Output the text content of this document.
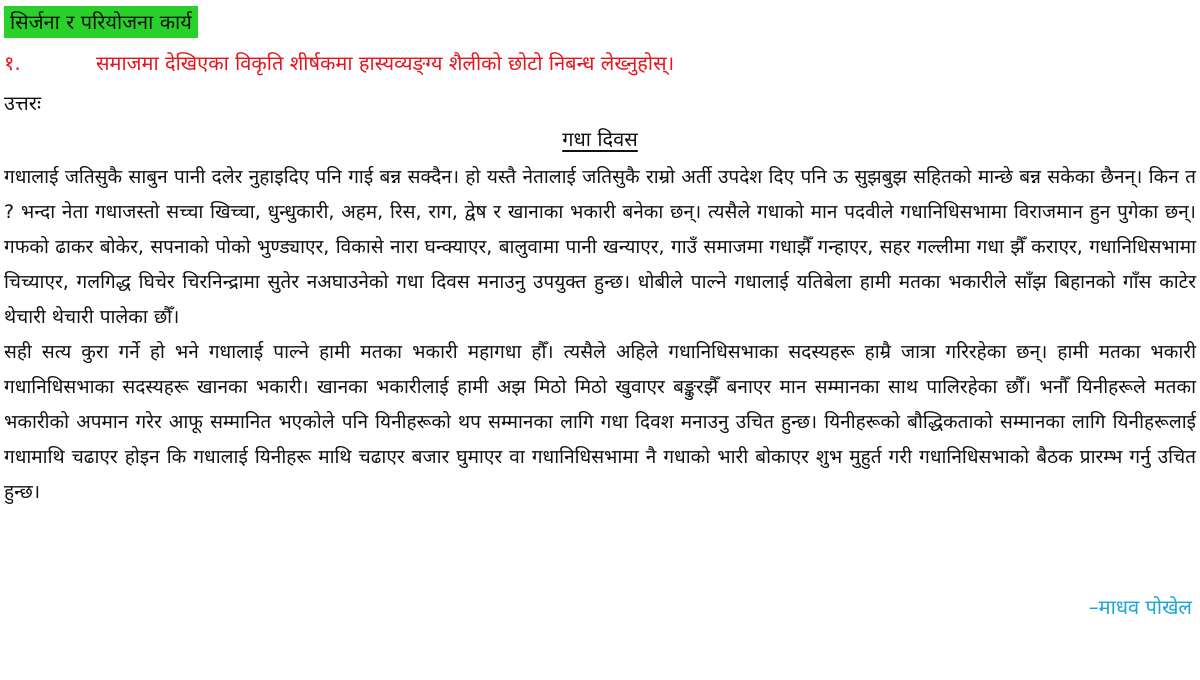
सिर्जना र परियोजना कार्य
१.	समाजमा देखिएका विकृति शीर्षकमा हास्यव्यङ्ग्य शैलीको छोटो निबन्ध लेख्नुहोस्।
उत्तरः
गधा दिवस

गधालाई जतिसुकै साबुन पानी दलेर नुहाइदिए पनि गाई बन्न सक्दैन। हो यस्तै नेतालाई जतिसुकै राम्रो अर्ती उपदेश दिए पनि ऊ सुझबुझ सहितको मान्छे बन्न सकेका छैनन्। किन त ? भन्दा नेता गधाजस्तो सच्चा खिच्चा, धुन्धुकारी, अहम, रिस, राग, द्वेष र खानाका भकारी बनेका छन्। त्यसैले गधाको मान पदवीले गधानिधिसभामा विराजमान हुन पुगेका छन्। गफको ढाकर बोकेर, सपनाको पोको भुण्ड्याएर, विकासे नारा घन्क्याएर, बालुवामा पानी खन्याएर, गाउँ समाजमा गधाझैँ गन्हाएर, सहर गल्लीमा गधा झैँ कराएर, गधानिधिसभामा चिच्याएर, गलगिद्ध घिचेर चिरनिन्द्रामा सुतेर नअघाउनेको गधा दिवस मनाउनु उपयुक्त हुन्छ। धोबीले पाल्ने गधालाई यतिबेला हामी मतका भकारीले साँझ बिहानको गाँस काटेर थेचारी थेचारी पालेका छौँ।

सही सत्य कुरा गर्ने हो भने गधालाई पाल्ने हामी मतका भकारी महागधा हौँ। त्यसैले अहिले गधानिधिसभाका सदस्यहरू हाम्रै जात्रा गरिरहेका छन्। हामी मतका भकारी गधानिधिसभाका सदस्यहरू खानका भकारी। खानका भकारीलाई हामी अझ मिठो मिठो खुवाएर बङ्कुरझैँ बनाएर मान सम्मानका साथ पालिरहेका छौँ। भनौँ यिनीहरूले मतका भकारीको अपमान गरेर आफू सम्मानित भएकोले पनि यिनीहरूको थप सम्मानका लागि गधा दिवश मनाउनु उचित हुन्छ। यिनीहरूको बौद्धिकताको सम्मानका लागि यिनीहरूलाई गधामाथि चढाएर होइन कि गधालाई यिनीहरू माथि चढाएर बजार घुमाएर वा गधानिधिसभामा नै गधाको भारी बोकाएर शुभ मुहुर्त गरी गधानिधिसभाको बैठक प्रारम्भ गर्नु उचित हुन्छ।

–माधव पोखेल
